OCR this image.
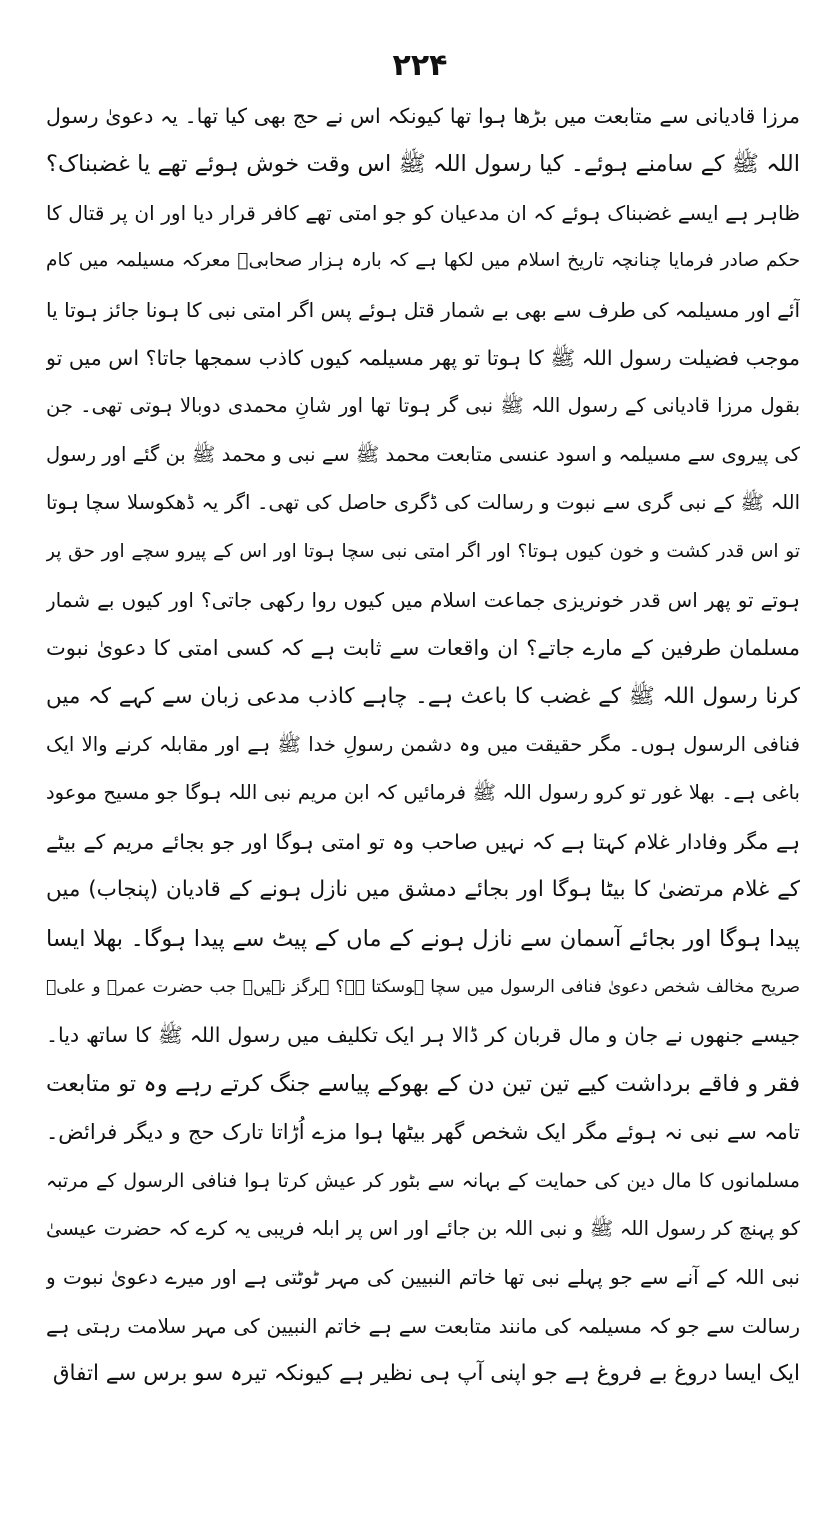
۲۲۴
مرزا قادیانی سے متابعت میں بڑھا ہوا تھا کیونکہ اس نے حج بھی کیا تھا۔ یہ دعویٰ رسول
اللہ ﷺ کے سامنے ہوئے۔ کیا رسول اللہ ﷺ اس وقت خوش ہوئے تھے یا غضبناک؟
ظاہر ہے ایسے غضبناک ہوئے کہ ان مدعیان کو جو امتی تھے کافر قرار دیا اور ان پر قتال کا
حکم صادر فرمایا چنانچہ تاریخ اسلام میں لکھا ہے کہ بارہ ہزار صحابیؓ معرکہ مسیلمہ میں کام
آئے اور مسیلمہ کی طرف سے بھی بے شمار قتل ہوئے پس اگر امتی نبی کا ہونا جائز ہوتا یا
موجب فضیلت رسول اللہ ﷺ کا ہوتا تو پھر مسیلمہ کیوں کاذب سمجھا جاتا؟ اس میں تو
بقول مرزا قادیانی کے رسول اللہ ﷺ نبی گر ہوتا تھا اور شانِ محمدی دوبالا ہوتی تھی۔ جن
کی پیروی سے مسیلمہ و اسود عنسی متابعت محمد ﷺ سے نبی و محمد ﷺ بن گئے اور رسول
اللہ ﷺ کے نبی گری سے نبوت و رسالت کی ڈگری حاصل کی تھی۔ اگر یہ ڈھکوسلا سچا ہوتا
تو اس قدر کشت و خون کیوں ہوتا؟ اور اگر امتی نبی سچا ہوتا اور اس کے پیرو سچے اور حق پر
ہوتے تو پھر اس قدر خونریزی جماعت اسلام میں کیوں روا رکھی جاتی؟ اور کیوں بے شمار
مسلمان طرفین کے مارے جاتے؟ ان واقعات سے ثابت ہے کہ کسی امتی کا دعویٰ نبوت
کرنا رسول اللہ ﷺ کے غضب کا باعث ہے۔ چاہے کاذب مدعی زبان سے کہے کہ میں
فنافی الرسول ہوں۔ مگر حقیقت میں وہ دشمن رسولِ خدا ﷺ ہے اور مقابلہ کرنے والا ایک
باغی ہے۔ بھلا غور تو کرو رسول اللہ ﷺ فرمائیں کہ ابن مریم نبی اللہ ہوگا جو مسیح موعود
ہے مگر وفادار غلام کہتا ہے کہ نہیں صاحب وہ تو امتی ہوگا اور جو بجائے مریم کے بیٹے
کے غلام مرتضیٰ کا بیٹا ہوگا اور بجائے دمشق میں نازل ہونے کے قادیان (پنجاب) میں
پیدا ہوگا اور بجائے آسمان سے نازل ہونے کے ماں کے پیٹ سے پیدا ہوگا۔ بھلا ایسا
صریح مخالف شخص دعویٰ فنافی الرسول میں سچا ہوسکتا ہے؟ ہرگز نہیں۔ جب حضرت عمرؓ و علیؓ
جیسے جنھوں نے جان و مال قربان کر ڈالا ہر ایک تکلیف میں رسول اللہ ﷺ کا ساتھ دیا۔
فقر و فاقے برداشت کیے تین تین دن کے بھوکے پیاسے جنگ کرتے رہے وہ تو متابعت
تامہ سے نبی نہ ہوئے مگر ایک شخص گھر بیٹھا ہوا مزے اُڑاتا تارک حج و دیگر فرائض۔
مسلمانوں کا مال دین کی حمایت کے بہانہ سے بٹور کر عیش کرتا ہوا فنافی الرسول کے مرتبہ
کو پہنچ کر رسول اللہ ﷺ و نبی اللہ بن جائے اور اس پر ابلہ فریبی یہ کرے کہ حضرت عیسیٰ
نبی اللہ کے آنے سے جو پہلے نبی تھا خاتم النبیین کی مہر ٹوٹتی ہے اور میرے دعویٰ نبوت و
رسالت سے جو کہ مسیلمہ کی مانند متابعت سے ہے خاتم النبیین کی مہر سلامت رہتی ہے
ایک ایسا دروغ بے فروغ ہے جو اپنی آپ ہی نظیر ہے کیونکہ تیرہ سو برس سے اتفاق
